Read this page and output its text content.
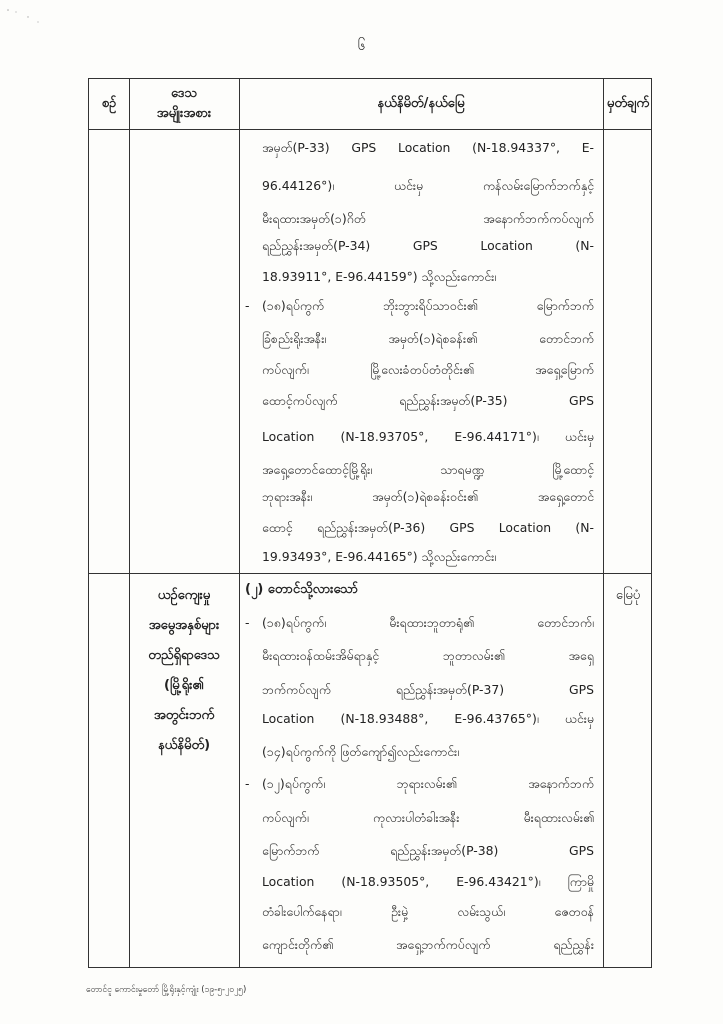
၆
စဉ်
ဒေသ
အမျိုးအစား
နယ်နိမိတ်/နယ်မြေ	မှတ်ချက်
အမှတ်(P-33) GPS Location (N-18.94337°, E-
96.44126°)၊ ယင်းမှ ကန်လမ်းမြောက်ဘက်နှင့်
မီးရထားအမှတ်(၁)ဂိတ် အနောက်ဘက်ကပ်လျက်
ရည်ညွှန်းအမှတ်(P-34) GPS Location (N-
18.93911°, E-96.44159°) သို့လည်းကောင်း၊
- (၁၈)ရပ်ကွက် ဘိုးဘွားရိပ်သာဝင်း၏ မြောက်ဘက်
ခြံစည်းရိုးအနီး၊ အမှတ်(၁)ရဲစခန်း၏ တောင်ဘက်
ကပ်လျက်၊ မြို့လေးခံတပ်တံတိုင်း၏ အရှေ့မြောက်
ထောင့်ကပ်လျက် ရည်ညွှန်းအမှတ်(P-35) GPS
Location (N-18.93705°, E-96.44171°)၊ ယင်းမှ
အရှေ့တောင်ထောင့်မြို့ရိုး၊ သာရမဏ္ဍ မြို့ထောင့်
ဘုရားအနီး၊ အမှတ်(၁)ရဲစခန်းဝင်း၏ အရှေ့တောင်
ထောင့် ရည်ညွှန်းအမှတ်(P-36) GPS Location (N-
19.93493°, E-96.44165°) သို့လည်းကောင်း၊
ယဉ်ကျေးမှု
အမွေအနှစ်များ
တည်ရှိရာဒေသ
(မြို့ရိုး၏
အတွင်းဘက်
နယ်နိမိတ်)
မြေပုံ
(၂) တောင်သို့လားသော်
- (၁၈)ရပ်ကွက်၊ မီးရထားဘူတာရုံ၏ တောင်ဘက်၊
မီးရထားဝန်ထမ်းအိမ်ရာနှင့် ဘူတာလမ်း၏ အရှေ့
ဘက်ကပ်လျက် ရည်ညွှန်းအမှတ်(P-37) GPS
Location (N-18.93488°, E-96.43765°)၊ ယင်းမှ
(၁၄)ရပ်ကွက်ကို ဖြတ်ကျော်၍လည်းကောင်း၊
- (၁၂)ရပ်ကွက်၊ ဘုရားလမ်း၏ အနောက်ဘက်
ကပ်လျက်၊ ကုလားပါတံခါးအနီး မီးရထားလမ်း၏
မြောက်ဘက် ရည်ညွှန်းအမှတ်(P-38) GPS
Location (N-18.93505°, E-96.43421°)၊ ကြာမှို
တံခါးပေါက်နေရာ၊ ဦးမှဲ့ လမ်းသွယ်၊ ဇေတဝန်
ကျောင်းတိုက်၏ အရှေ့ဘက်ကပ်လျက် ရည်ညွှန်း
တောင်ငူ ကောင်းမှုတော် မြို့ရိုးနှင့်ကျုံး (၁၉-၅-၂၀၂၅)
